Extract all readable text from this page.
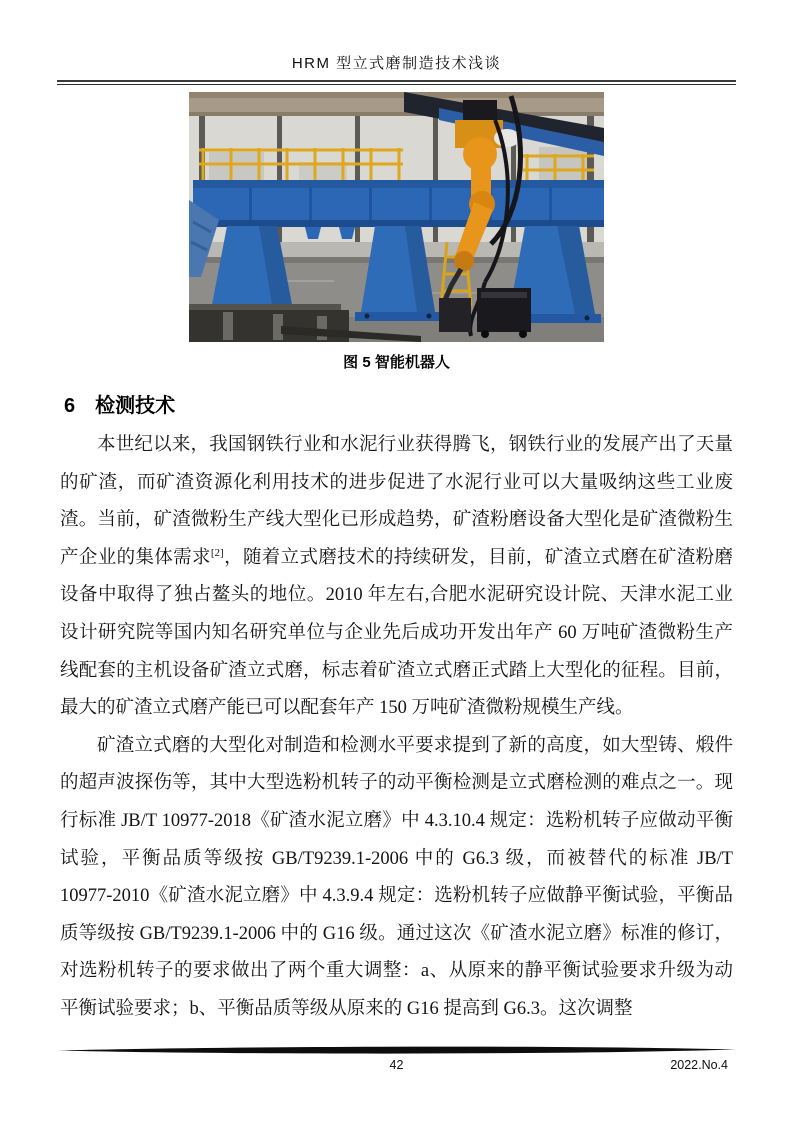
HRM 型立式磨制造技术浅谈
图 5 智能机器人
6 检测技术

本世纪以来，我国钢铁行业和水泥行业获得腾飞，钢铁行业的发展产出了天量的矿渣，而矿渣资源化利用技术的进步促进了水泥行业可以大量吸纳这些工业废渣。当前，矿渣微粉生产线大型化已形成趋势，矿渣粉磨设备大型化是矿渣微粉生产企业的集体需求[2]，随着立式磨技术的持续研发，目前，矿渣立式磨在矿渣粉磨设备中取得了独占鳌头的地位。2010 年左右,合肥水泥研究设计院、天津水泥工业设计研究院等国内知名研究单位与企业先后成功开发出年产 60 万吨矿渣微粉生产线配套的主机设备矿渣立式磨，标志着矿渣立式磨正式踏上大型化的征程。目前，最大的矿渣立式磨产能已可以配套年产 150 万吨矿渣微粉规模生产线。

矿渣立式磨的大型化对制造和检测水平要求提到了新的高度，如大型铸、煅件的超声波探伤等，其中大型选粉机转子的动平衡检测是立式磨检测的难点之一。现行标准 JB/T 10977-2018《矿渣水泥立磨》中 4.3.10.4 规定：选粉机转子应做动平衡试验，平衡品质等级按 GB/T9239.1-2006 中的 G6.3 级，而被替代的标准 JB/T 10977-2010《矿渣水泥立磨》中 4.3.9.4 规定：选粉机转子应做静平衡试验，平衡品质等级按 GB/T9239.1-2006 中的 G16 级。通过这次《矿渣水泥立磨》标准的修订，对选粉机转子的要求做出了两个重大调整：a、从原来的静平衡试验要求升级为动平衡试验要求；b、平衡品质等级从原来的 G16 提高到 G6.3。这次调整

42	2022.No.4
